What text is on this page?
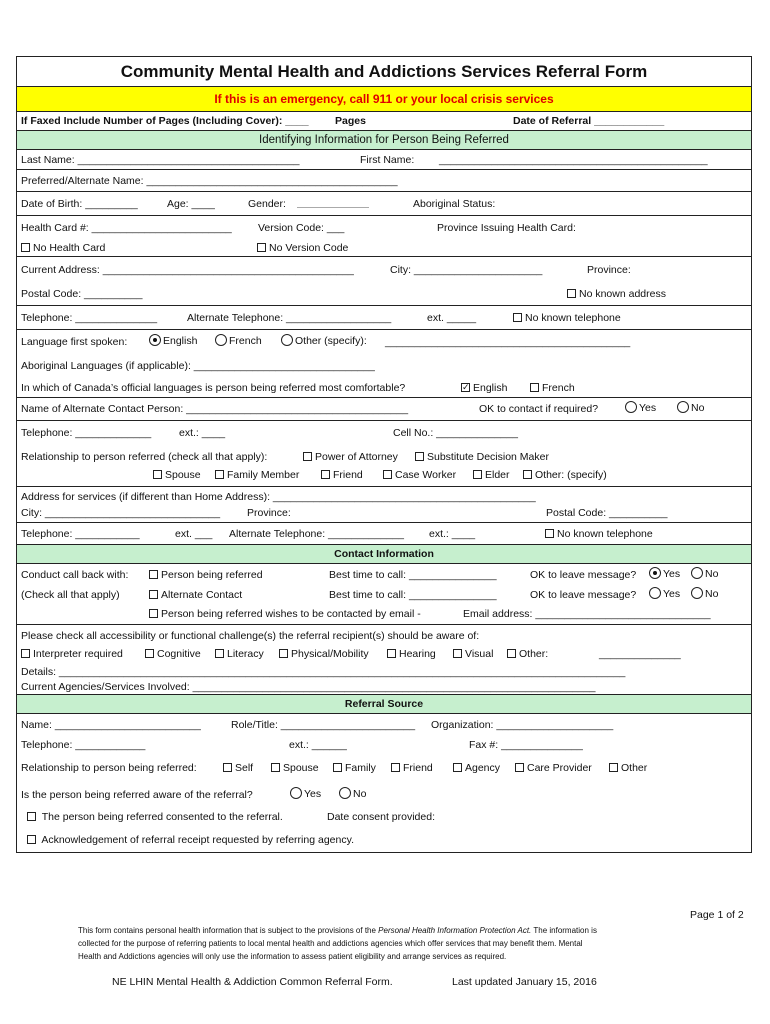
Community Mental Health and Addictions Services Referral Form
If this is an emergency, call 911 or your local crisis services
If Faxed Include Number of Pages (Including Cover): ____	Pages	Date of Referral ____________
Identifying Information for Person Being Referred
Last Name: ______________________________________	First Name: ______________________________________________
Preferred/Alternate Name: ___________________________________________
Date of Birth: _________	Age: ____	Gender:	Aboriginal Status:
Health Card #: ________________________ Version Code: ___	Province Issuing Health Card:
No Health Card	No Version Code
Current Address: ___________________________________________	City: ______________________	Province:
Postal Code: __________	No known address
Telephone: ______________	Alternate Telephone: __________________	ext. _____	No known telephone
Language first spoken:	English	French	Other (specify): __________________________________________
Aboriginal Languages (if applicable): _______________________________
In which of Canada’s official languages is person being referred most comfortable?
✓	English	French
Name of Alternate Contact Person: ______________________________________	OK to contact if required?	Yes	No
Telephone: _____________	ext.: ____	Cell No.: ______________
Relationship to person referred (check all that apply):	Power of Attorney	Substitute Decision Maker
Spouse	Family Member	Friend	Case Worker	Elder	Other: (specify)
Address for services (if different than Home Address): _____________________________________________
City: ______________________________	Province:	Postal Code: __________
Telephone: ___________	ext. ___ Alternate Telephone: _____________ ext.: ____	No known telephone
Contact Information
Conduct call back with:	Person being referred	Best time to call: _______________	OK to leave message?	Yes	No
(Check all that apply)	Alternate Contact	Best time to call: _______________	OK to leave message?	Yes	No
Person being referred wishes to be contacted by email -	Email address: ______________________________
Please check all accessibility or functional challenge(s) the referral recipient(s) should be aware of:
Interpreter required	Cognitive	Literacy	Physical/Mobility	Hearing	Visual	Other:	______________
Details: _________________________________________________________________________________________________
Current Agencies/Services Involved: _____________________________________________________________________
Referral Source
Name: _________________________	Role/Title: _______________________ Organization: ____________________
Telephone: ____________	ext.: ______	Fax #: ______________
Relationship to person being referred:	Self	Spouse	Family	Friend	Agency	Care Provider	Other
Is the person being referred aware of the referral?	Yes	No
The person being referred consented to the referral.	Date consent provided:
Acknowledgement of referral receipt requested by referring agency.
Page 1 of 2
This form contains personal health information that is subject to the provisions of the Personal Health Information Protection Act. The information is
collected for the purpose of referring patients to local mental health and addictions agencies which offer services that may benefit them. Mental
Health and Addictions agencies will only use the information to assess patient eligibility and arrange services as required.
NE LHIN Mental Health & Addiction Common Referral Form.	Last updated January 15, 2016
